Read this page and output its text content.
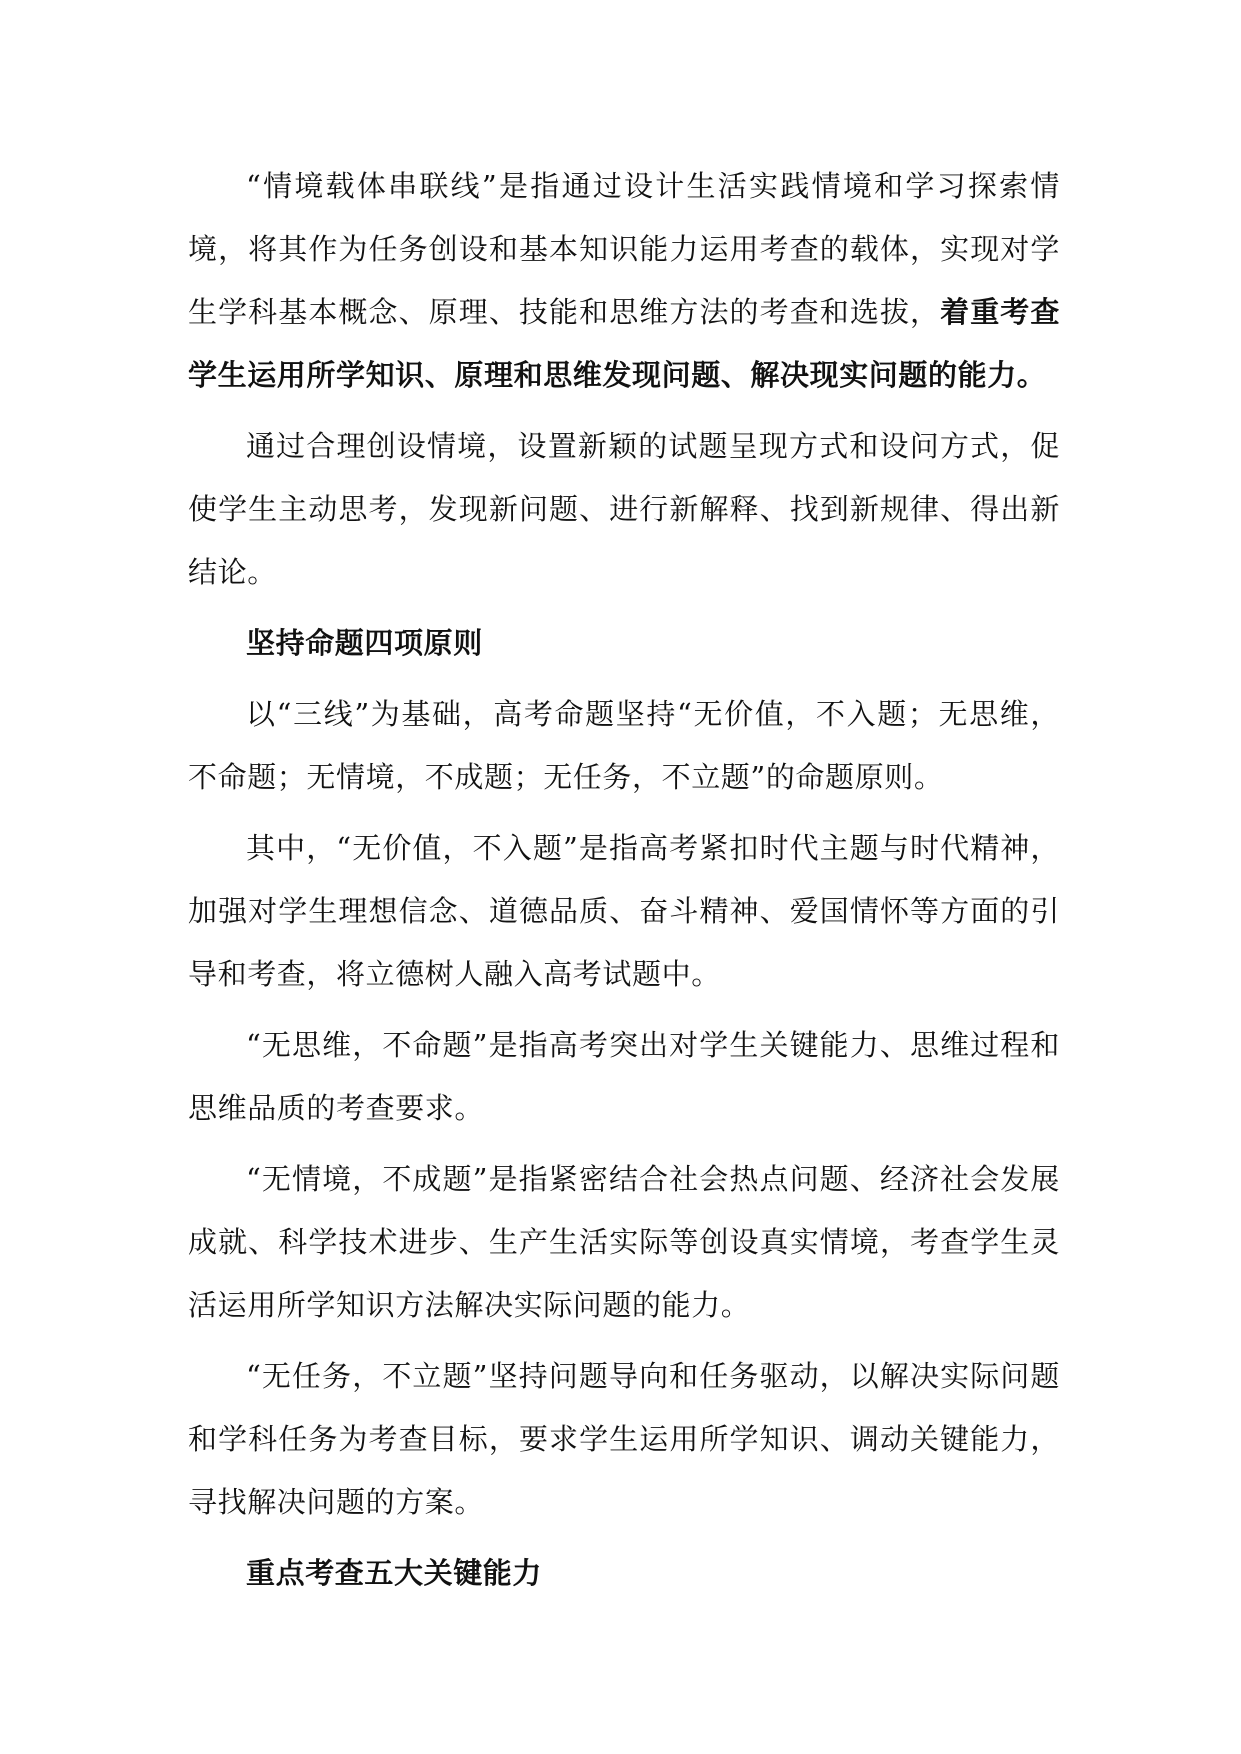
“情境载体串联线”是指通过设计生活实践情境和学习探索情境，将其作为任务创设和基本知识能力运用考查的载体，实现对学生学科基本概念、原理、技能和思维方法的考查和选拔，着重考查学生运用所学知识、原理和思维发现问题、解决现实问题的能力。

通过合理创设情境，设置新颖的试题呈现方式和设问方式，促使学生主动思考，发现新问题、进行新解释、找到新规律、得出新结论。

坚持命题四项原则

以“三线”为基础，高考命题坚持“无价值，不入题；无思维，不命题；无情境，不成题；无任务，不立题”的命题原则。

其中，“无价值，不入题”是指高考紧扣时代主题与时代精神，加强对学生理想信念、道德品质、奋斗精神、爱国情怀等方面的引导和考查，将立德树人融入高考试题中。

“无思维，不命题”是指高考突出对学生关键能力、思维过程和思维品质的考查要求。

“无情境，不成题”是指紧密结合社会热点问题、经济社会发展成就、科学技术进步、生产生活实际等创设真实情境，考查学生灵活运用所学知识方法解决实际问题的能力。

“无任务，不立题”坚持问题导向和任务驱动，以解决实际问题和学科任务为考查目标，要求学生运用所学知识、调动关键能力，寻找解决问题的方案。

重点考查五大关键能力
